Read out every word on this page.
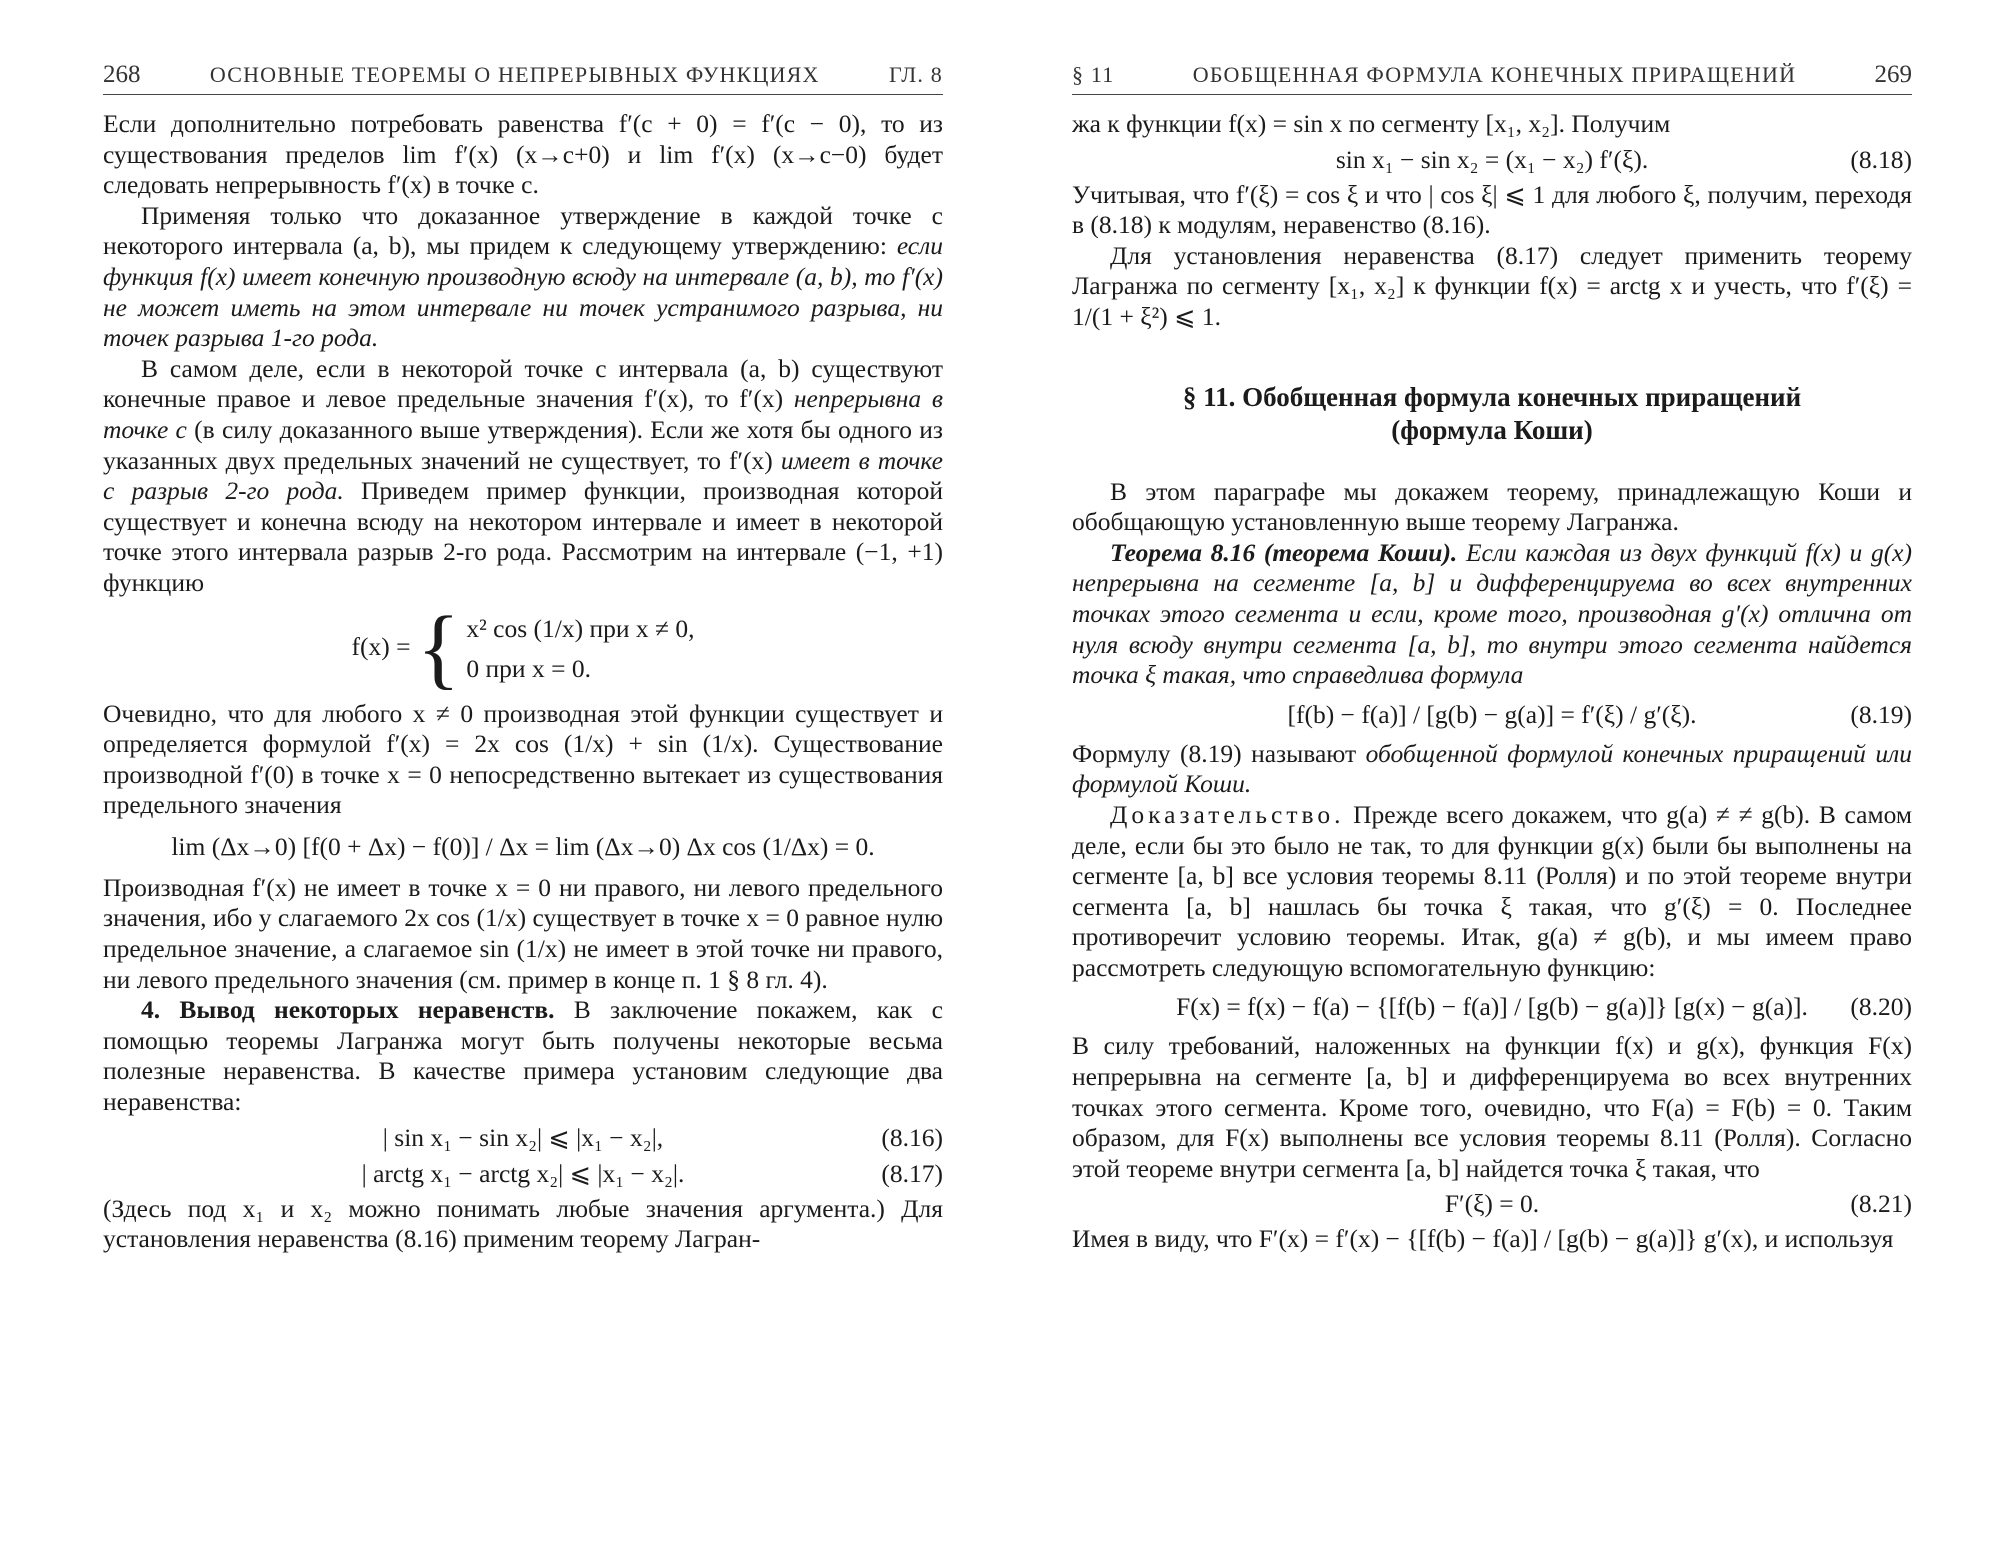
268	ОСНОВНЫЕ ТЕОРЕМЫ О НЕПРЕРЫВНЫХ ФУНКЦИЯХ	ГЛ. 8

Если дополнительно потребовать равенства f′(c + 0) = f′(c − 0), то из существования пределов lim f′(x) (x→c+0) и lim f′(x) (x→c−0) будет следовать непрерывность f′(x) в точке c.

Применяя только что доказанное утверждение в каждой точке c некоторого интервала (a, b), мы придем к следующему утверждению: если функция f(x) имеет конечную производную всюду на интервале (a, b), то f′(x) не может иметь на этом интервале ни точек устранимого разрыва, ни точек разрыва 1-го рода.

В самом деле, если в некоторой точке c интервала (a, b) существуют конечные правое и левое предельные значения f′(x), то f′(x) непрерывна в точке c (в силу доказанного выше утверждения). Если же хотя бы одного из указанных двух предельных значений не существует, то f′(x) имеет в точке c разрыв 2-го рода. Приведем пример функции, производная которой существует и конечна всюду на некотором интервале и имеет в некоторой точке этого интервала разрыв 2-го рода. Рассмотрим на интервале (−1, +1) функцию

f(x) = { x² cos (1/x) при x ≠ 0,
0 при x = 0.

Очевидно, что для любого x ≠ 0 производная этой функции существует и определяется формулой f′(x) = 2x cos (1/x) + sin (1/x). Существование производной f′(0) в точке x = 0 непосредственно вытекает из существования предельного значения

lim (Δx→0) [f(0 + Δx) − f(0)] / Δx = lim (Δx→0) Δx cos (1/Δx) = 0.

Производная f′(x) не имеет в точке x = 0 ни правого, ни левого предельного значения, ибо у слагаемого 2x cos (1/x) существует в точке x = 0 равное нулю предельное значение, а слагаемое sin (1/x) не имеет в этой точке ни правого, ни левого предельного значения (см. пример в конце п. 1 § 8 гл. 4).

4. Вывод некоторых неравенств. В заключение покажем, как с помощью теоремы Лагранжа могут быть получены некоторые весьма полезные неравенства. В качестве примера установим следующие два неравенства:

| sin x₁ − sin x₂| ⩽ |x₁ − x₂|,	(8.16)
| arctg x₁ − arctg x₂| ⩽ |x₁ − x₂|.	(8.17)

(Здесь под x₁ и x₂ можно понимать любые значения аргумента.) Для установления неравенства (8.16) применим теорему Лагран-

§ 11	ОБОБЩЕННАЯ ФОРМУЛА КОНЕЧНЫХ ПРИРАЩЕНИЙ	269

жа к функции f(x) = sin x по сегменту [x₁, x₂]. Получим

sin x₁ − sin x₂ = (x₁ − x₂) f′(ξ).	(8.18)

Учитывая, что f′(ξ) = cos ξ и что | cos ξ| ⩽ 1 для любого ξ, получим, переходя в (8.18) к модулям, неравенство (8.16).

Для установления неравенства (8.17) следует применить теорему Лагранжа по сегменту [x₁, x₂] к функции f(x) = arctg x и учесть, что f′(ξ) = 1/(1 + ξ²) ⩽ 1.

§ 11. Обобщенная формула конечных приращений
(формула Коши)

В этом параграфе мы докажем теорему, принадлежащую Коши и обобщающую установленную выше теорему Лагранжа.

Теорема 8.16 (теорема Коши). Если каждая из двух функций f(x) и g(x) непрерывна на сегменте [a, b] и дифференцируема во всех внутренних точках этого сегмента и если, кроме того, производная g′(x) отлична от нуля всюду внутри сегмента [a, b], то внутри этого сегмента найдется точка ξ такая, что справедлива формула

[f(b) − f(a)] / [g(b) − g(a)] = f′(ξ) / g′(ξ).	(8.19)

Формулу (8.19) называют обобщенной формулой конечных приращений или формулой Коши.

Доказательство. Прежде всего докажем, что g(a) ≠ ≠ g(b). В самом деле, если бы это было не так, то для функции g(x) были бы выполнены на сегменте [a, b] все условия теоремы 8.11 (Ролля) и по этой теореме внутри сегмента [a, b] нашлась бы точка ξ такая, что g′(ξ) = 0. Последнее противоречит условию теоремы. Итак, g(a) ≠ g(b), и мы имеем право рассмотреть следующую вспомогательную функцию:

F(x) = f(x) − f(a) − {[f(b) − f(a)] / [g(b) − g(a)]} [g(x) − g(a)]. (8.20)

В силу требований, наложенных на функции f(x) и g(x), функция F(x) непрерывна на сегменте [a, b] и дифференцируема во всех внутренних точках этого сегмента. Кроме того, очевидно, что F(a) = F(b) = 0. Таким образом, для F(x) выполнены все условия теоремы 8.11 (Ролля). Согласно этой теореме внутри сегмента [a, b] найдется точка ξ такая, что

F′(ξ) = 0.	(8.21)

Имея в виду, что F′(x) = f′(x) − {[f(b) − f(a)] / [g(b) − g(a)]} g′(x), и используя
